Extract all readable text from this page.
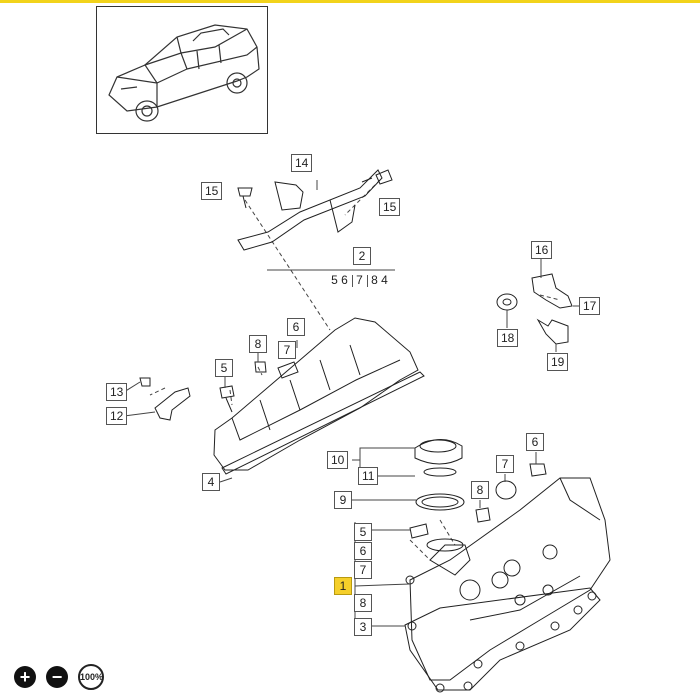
14
15
15
2
5 6 7 8 4
16
17
18
19
6
7
8
5
13
12
4
10
11
9
6
7
8
5
6
7
1
8
3
+	−	100%
